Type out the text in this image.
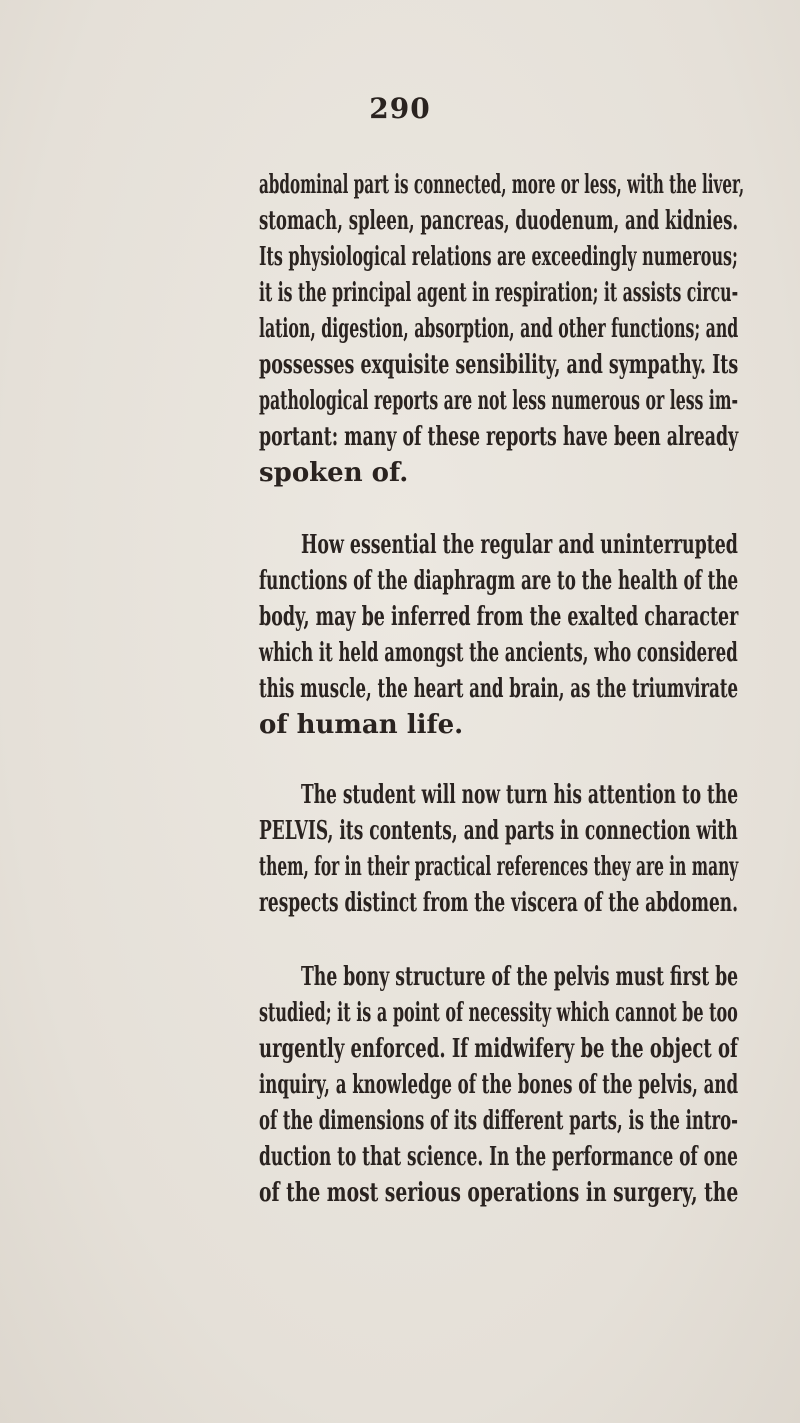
290
abdominal part is connected, more or less, with the liver,
stomach, spleen, pancreas, duodenum, and kidnies.
Its physiological relations are exceedingly numerous;
it is the principal agent in respiration; it assists circu-
lation, digestion, absorption, and other functions; and
possesses exquisite sensibility, and sympathy. Its
pathological reports are not less numerous or less im-
portant: many of these reports have been already
spoken of.
How essential the regular and uninterrupted
functions of the diaphragm are to the health of the
body, may be inferred from the exalted character
which it held amongst the ancients, who considered
this muscle, the heart and brain, as the triumvirate
of human life.
The student will now turn his attention to the
PELVIS, its contents, and parts in connection with
them, for in their practical references they are in many
respects distinct from the viscera of the abdomen.
The bony structure of the pelvis must first be
studied; it is a point of necessity which cannot be too
urgently enforced. If midwifery be the object of
inquiry, a knowledge of the bones of the pelvis, and
of the dimensions of its different parts, is the intro-
duction to that science. In the performance of one
of the most serious operations in surgery, the
